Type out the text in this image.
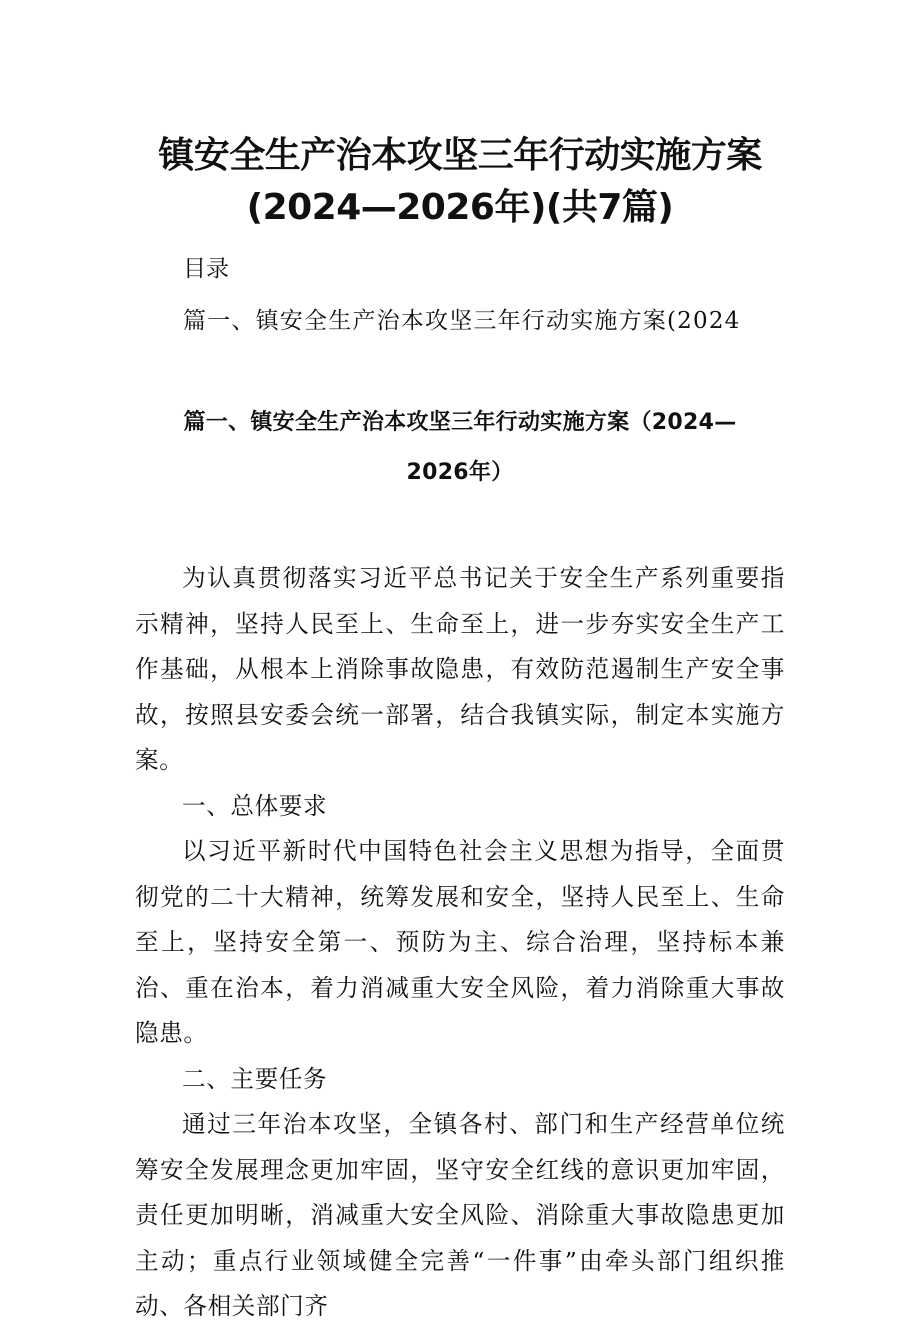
镇安全生产治本攻坚三年行动实施方案
(2024—2026年)(共7篇)
目录
篇一、镇安全生产治本攻坚三年行动实施方案(2024
篇一、镇安全生产治本攻坚三年行动实施方案（2024—
2026年）

为认真贯彻落实习近平总书记关于安全生产系列重要指示精神，坚持人民至上、生命至上，进一步夯实安全生产工作基础，从根本上消除事故隐患，有效防范遏制生产安全事故，按照县安委会统一部署，结合我镇实际，制定本实施方案。

一、总体要求

以习近平新时代中国特色社会主义思想为指导，全面贯彻党的二十大精神，统筹发展和安全，坚持人民至上、生命至上，坚持安全第一、预防为主、综合治理，坚持标本兼治、重在治本，着力消减重大安全风险，着力消除重大事故隐患。

二、主要任务

通过三年治本攻坚，全镇各村、部门和生产经营单位统筹安全发展理念更加牢固，坚守安全红线的意识更加牢固，责任更加明晰，消减重大安全风险、消除重大事故隐患更加主动；重点行业领域健全完善“一件事”由牵头部门组织推动、各相关部门齐
